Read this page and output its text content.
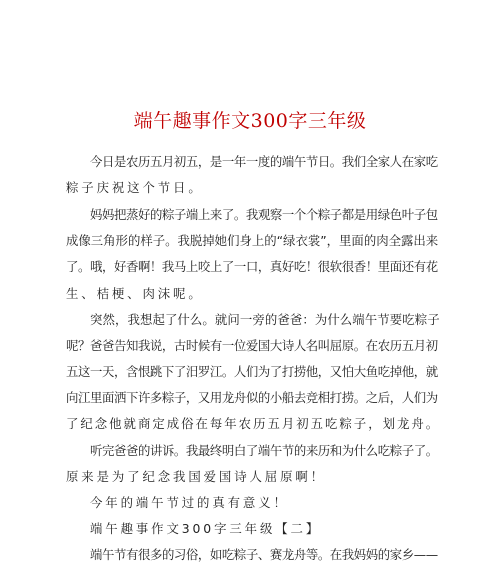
端午趣事作文300字三年级
今日是农历五月初五，是一年一度的端午节日。我们全家人在家吃
粽子庆祝这个节日。
妈妈把蒸好的粽子端上来了。我观察一个个粽子都是用绿色叶子包
成像三角形的样子。我脱掉她们身上的“绿衣裳”，里面的肉全露出来
了。哦，好香啊！我马上咬上了一口，真好吃！很软很香！里面还有花
生、桔梗、肉沫呢。
突然，我想起了什么。就问一旁的爸爸：为什么端午节要吃粽子
呢？爸爸告知我说，古时候有一位爱国大诗人名叫屈原。在农历五月初
五这一天，含恨跳下了汨罗江。人们为了打捞他，又怕大鱼吃掉他，就
向江里面洒下许多粽子，又用龙舟似的小船去竞相打捞。之后，人们为
了纪念他就商定成俗在每年农历五月初五吃粽子，划龙舟。
听完爸爸的讲诉。我最终明白了端午节的来历和为什么吃粽子了。
原来是为了纪念我国爱国诗人屈原啊！
今年的端午节过的真有意义！
端午趣事作文300字三年级【二】
端午节有很多的习俗，如吃粽子、赛龙舟等。在我妈妈的家乡——
